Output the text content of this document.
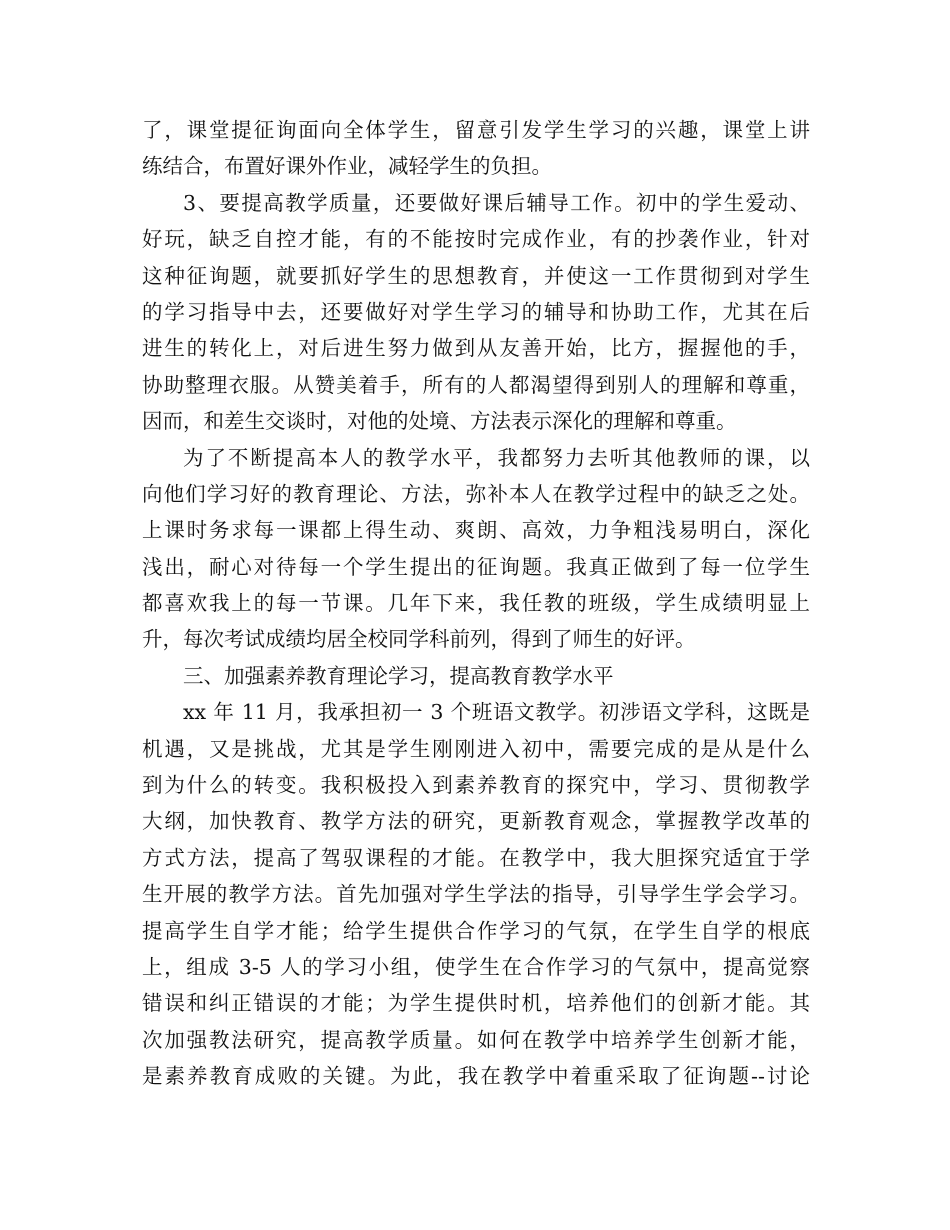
了，课堂提征询面向全体学生，留意引发学生学习的兴趣，课堂上讲
练结合，布置好课外作业，减轻学生的负担。
3、要提高教学质量，还要做好课后辅导工作。初中的学生爱动、
好玩，缺乏自控才能，有的不能按时完成作业，有的抄袭作业，针对
这种征询题，就要抓好学生的思想教育，并使这一工作贯彻到对学生
的学习指导中去，还要做好对学生学习的辅导和协助工作，尤其在后
进生的转化上，对后进生努力做到从友善开始，比方，握握他的手，
协助整理衣服。从赞美着手，所有的人都渴望得到别人的理解和尊重，
因而，和差生交谈时，对他的处境、方法表示深化的理解和尊重。
为了不断提高本人的教学水平，我都努力去听其他教师的课，以
向他们学习好的教育理论、方法，弥补本人在教学过程中的缺乏之处。
上课时务求每一课都上得生动、爽朗、高效，力争粗浅易明白，深化
浅出，耐心对待每一个学生提出的征询题。我真正做到了每一位学生
都喜欢我上的每一节课。几年下来，我任教的班级，学生成绩明显上
升，每次考试成绩均居全校同学科前列，得到了师生的好评。
三、加强素养教育理论学习，提高教育教学水平
xx 年 11 月，我承担初一 3 个班语文教学。初涉语文学科，这既是
机遇，又是挑战，尤其是学生刚刚进入初中，需要完成的是从是什么
到为什么的转变。我积极投入到素养教育的探究中，学习、贯彻教学
大纲，加快教育、教学方法的研究，更新教育观念，掌握教学改革的
方式方法，提高了驾驭课程的才能。在教学中，我大胆探究适宜于学
生开展的教学方法。首先加强对学生学法的指导，引导学生学会学习。
提高学生自学才能；给学生提供合作学习的气氛，在学生自学的根底
上，组成 3-5 人的学习小组，使学生在合作学习的气氛中，提高觉察
错误和纠正错误的才能；为学生提供时机，培养他们的创新才能。其
次加强教法研究，提高教学质量。如何在教学中培养学生创新才能，
是素养教育成败的关键。为此，我在教学中着重采取了征询题--讨论
